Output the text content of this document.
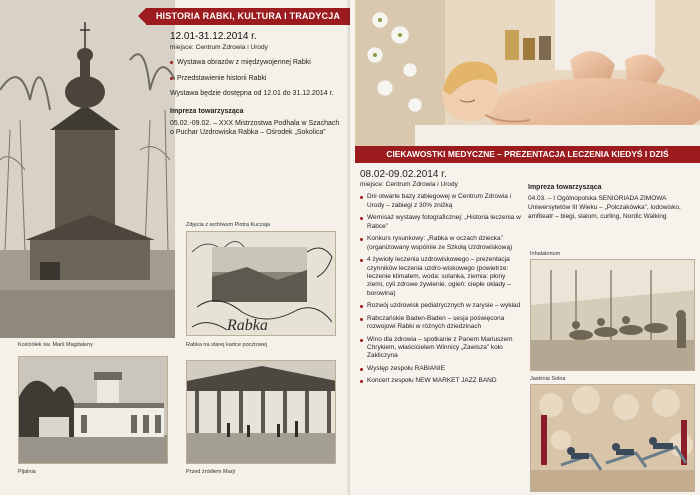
Kościółek św. Marii Magdaleny
HISTORIA RABKI, KULTURA I TRADYCJA
12.01-31.12.2014 r.
miejsce: Centrum Zdrowia i Urody
Wystawa obrazów z międzywojennej Rabki
Przedstawienie historii Rabki
Wystawa będzie dostępna od 12.01 do 31.12.2014 r.
Impreza towarzysząca
05.02.-09.02. – XXX Mistrzostwa Podhala w Szachach o Puchar Uzdrowiska Rabka – Ośrodek „Sokolica”
Zdjęcia z archiwum Piotra Kuczaja
Rabka
Rabka na starej kartce pocztowej
Pijalnia	Przed źródłem Marji
CIEKAWOSTKI MEDYCZNE – PREZENTACJA LECZENIA KIEDYŚ I DZIŚ
08.02-09.02.2014 r.
miejsce: Centrum Zdrowia i Urody
Dni otwarte bazy zabiegowej w Centrum Zdrowia i Urody – zabiegi z 30% zniżką
Wernisaż wystawy fotograficznej: „Historia leczenia w Rabce”
Konkurs rysunkowy: „Rabka w oczach dziecka” (organizowany wspólnie ze Szkołą Uzdrowiskową)
4 żywioły leczenia uzdrowiskowego – prezentacja czynników leczenia uzdro-wiskowego (powietrze: leczenie klimatem, woda: solanka, ziemia: płony ziemi, cyli zdrowe żywienie, ogień: ciepłe okłady – borowina)
Rozwój uzdrowisk pediatrycznych w zarysie – wykład
Rabczańskie Baden-Baden – sesja poświęcona rozwojowi Rabki w różnych dziedzinach
Wino dla zdrowia – spotkanie z Panem Mariuszem Chrykiem, właścicielem Winnicy „Zawisza” koło Zakliczyna
Występ zespołu RABIANIE
Koncert zespołu NEW MARKET JAZZ BAND
Impreza towarzysząca
04.03. – I Ogólnopolska SENIORIADA ZIMOWA Uniwersytetów III Wieku – „Polczakówka”, lodowisko, amfiteatr – biegi, slalom, curling, Nordic Walking
Inhalatorium
Jaskinia Solna
